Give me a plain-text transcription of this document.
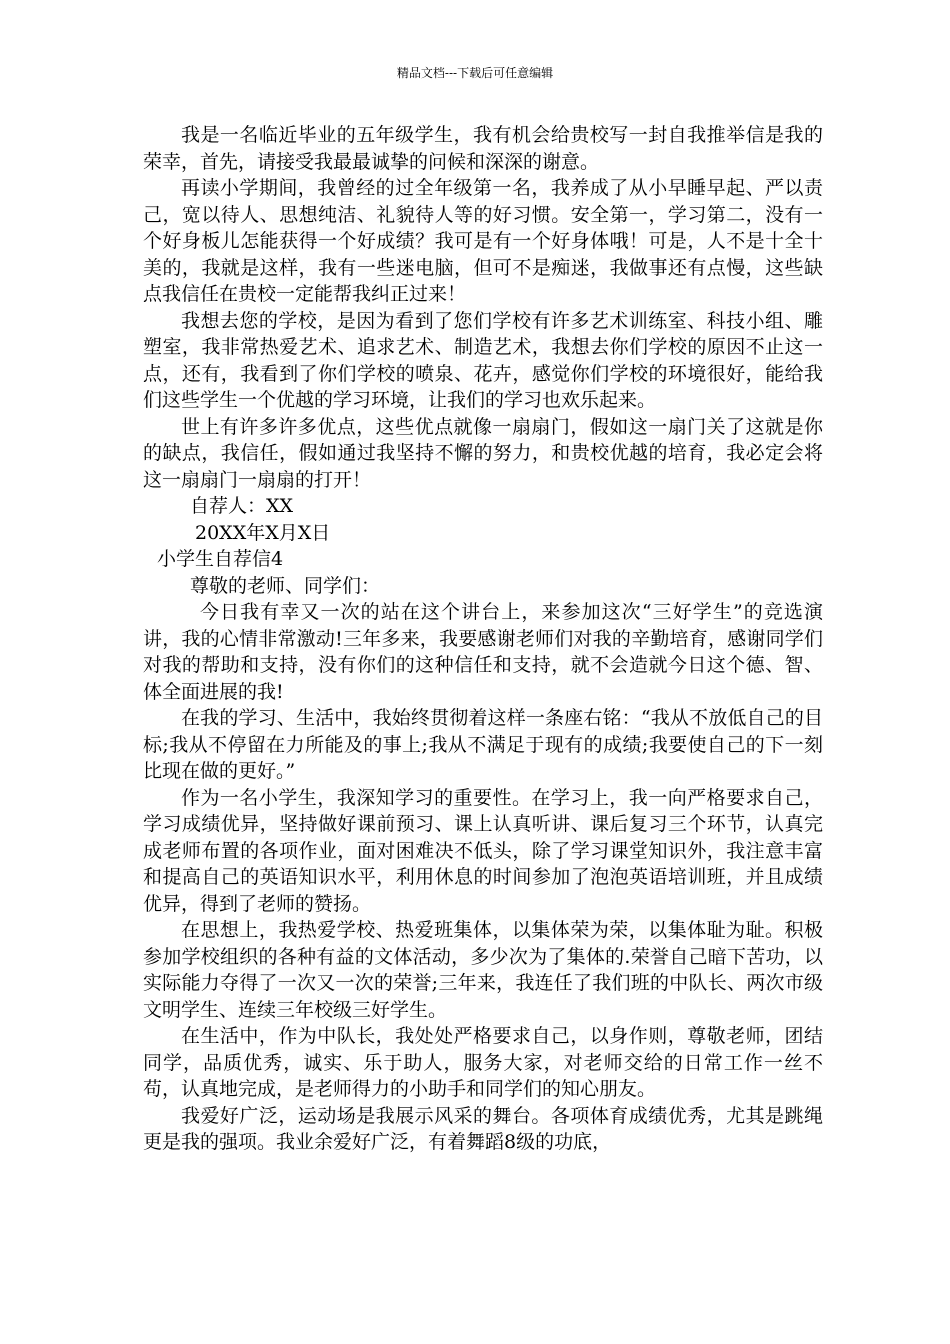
精品文档---下载后可任意编辑

我是一名临近毕业的五年级学生，我有机会给贵校写一封自我推举信是我的荣幸，首先，请接受我最最诚挚的问候和深深的谢意。

再读小学期间，我曾经的过全年级第一名，我养成了从小早睡早起、严以责己，宽以待人、思想纯洁、礼貌待人等的好习惯。安全第一，学习第二，没有一个好身板儿怎能获得一个好成绩？我可是有一个好身体哦！可是，人不是十全十美的，我就是这样，我有一些迷电脑，但可不是痴迷，我做事还有点慢，这些缺点我信任在贵校一定能帮我纠正过来！

我想去您的学校，是因为看到了您们学校有许多艺术训练室、科技小组、雕塑室，我非常热爱艺术、追求艺术、制造艺术，我想去你们学校的原因不止这一点，还有，我看到了你们学校的喷泉、花卉，感觉你们学校的环境很好，能给我们这些学生一个优越的学习环境，让我们的学习也欢乐起来。

世上有许多许多优点，这些优点就像一扇扇门，假如这一扇门关了这就是你的缺点，我信任，假如通过我坚持不懈的努力，和贵校优越的培育，我必定会将这一扇扇门一扇扇的打开！

自荐人：XX

20XX年X月X日

小学生自荐信4

尊敬的老师、同学们：

今日我有幸又一次的站在这个讲台上，来参加这次“三好学生”的竞选演讲，我的心情非常激动!三年多来，我要感谢老师们对我的辛勤培育，感谢同学们对我的帮助和支持，没有你们的这种信任和支持，就不会造就今日这个德、智、体全面进展的我!

在我的学习、生活中，我始终贯彻着这样一条座右铭：“我从不放低自己的目标;我从不停留在力所能及的事上;我从不满足于现有的成绩;我要使自己的下一刻比现在做的更好。”

作为一名小学生，我深知学习的重要性。在学习上，我一向严格要求自己，学习成绩优异，坚持做好课前预习、课上认真听讲、课后复习三个环节，认真完成老师布置的各项作业，面对困难决不低头，除了学习课堂知识外，我注意丰富和提高自己的英语知识水平，利用休息的时间参加了泡泡英语培训班，并且成绩优异，得到了老师的赞扬。

在思想上，我热爱学校、热爱班集体，以集体荣为荣，以集体耻为耻。积极参加学校组织的各种有益的文体活动，多少次为了集体的.荣誉自己暗下苦功，以实际能力夺得了一次又一次的荣誉;三年来，我连任了我们班的中队长、两次市级文明学生、连续三年校级三好学生。

在生活中，作为中队长，我处处严格要求自己，以身作则，尊敬老师，团结同学，品质优秀，诚实、乐于助人，服务大家，对老师交给的日常工作一丝不苟，认真地完成，是老师得力的小助手和同学们的知心朋友。

我爱好广泛，运动场是我展示风采的舞台。各项体育成绩优秀，尤其是跳绳更是我的强项。我业余爱好广泛，有着舞蹈8级的功底，
